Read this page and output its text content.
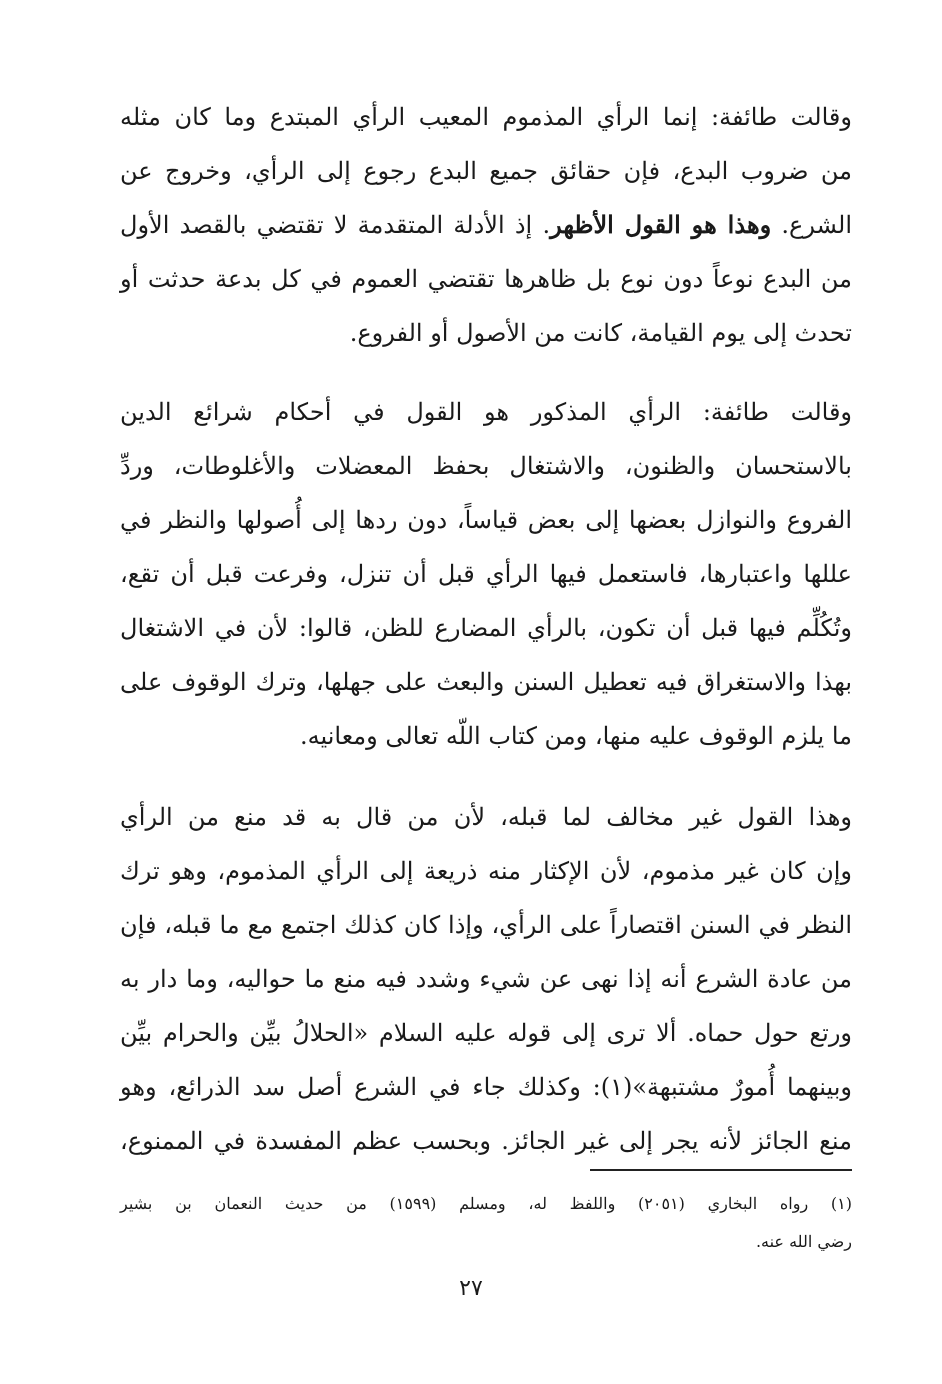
وقالت طائفة: إنما الرأي المذموم المعيب الرأي المبتدع وما كان مثله
من ضروب البدع، فإن حقائق جميع البدع رجوع إلى الرأي، وخروج عن
الشرع. وهذا هو القول الأظهر. إذ الأدلة المتقدمة لا تقتضي بالقصد الأول
من البدع نوعاً دون نوع بل ظاهرها تقتضي العموم في كل بدعة حدثت أو
تحدث إلى يوم القيامة، كانت من الأصول أو الفروع.
وقالت طائفة: الرأي المذكور هو القول في أحكام شرائع الدين
بالاستحسان والظنون، والاشتغال بحفظ المعضلات والأغلوطات، وردِّ
الفروع والنوازل بعضها إلى بعض قياساً، دون ردها إلى أُصولها والنظر في
عللها واعتبارها، فاستعمل فيها الرأي قبل أن تنزل، وفرعت قبل أن تقع،
وتُكُلِّم فيها قبل أن تكون، بالرأي المضارع للظن، قالوا: لأن في الاشتغال
بهذا والاستغراق فيه تعطيل السنن والبعث على جهلها، وترك الوقوف على
ما يلزم الوقوف عليه منها، ومن كتاب اللّه تعالى ومعانيه.
وهذا القول غير مخالف لما قبله، لأن من قال به قد منع من الرأي
وإن كان غير مذموم، لأن الإكثار منه ذريعة إلى الرأي المذموم، وهو ترك
النظر في السنن اقتصاراً على الرأي، وإذا كان كذلك اجتمع مع ما قبله، فإن
من عادة الشرع أنه إذا نهى عن شيء وشدد فيه منع ما حواليه، وما دار به
ورتع حول حماه. ألا ترى إلى قوله عليه السلام «الحلالُ بيِّن والحرام بيِّن
وبينهما أُمورٌ مشتبهة»(١): وكذلك جاء في الشرع أصل سد الذرائع، وهو
منع الجائز لأنه يجر إلى غير الجائز. وبحسب عظم المفسدة في الممنوع،
(١) رواه البخاري (٢٠٥١) واللفظ له، ومسلم (١٥٩٩) من حديث النعمان بن بشير
رضي الله عنه.
٢٧
